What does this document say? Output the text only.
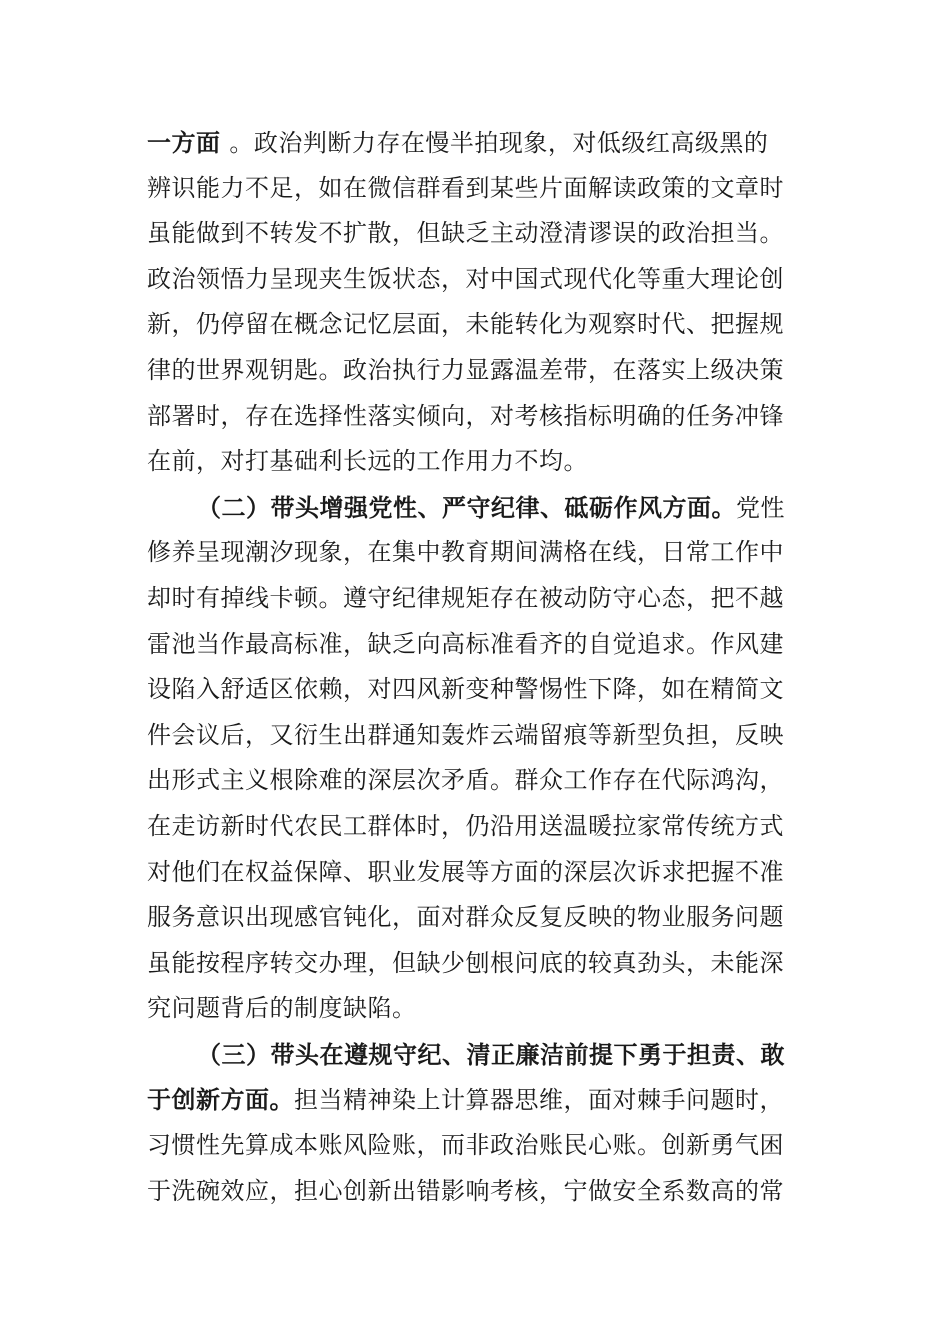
一方面 。政治判断力存在慢半拍现象，对低级红高级黑的
辨识能力不足，如在微信群看到某些片面解读政策的文章时
虽能做到不转发不扩散，但缺乏主动澄清谬误的政治担当。
政治领悟力呈现夹生饭状态，对中国式现代化等重大理论创
新，仍停留在概念记忆层面，未能转化为观察时代、把握规
律的世界观钥匙。政治执行力显露温差带，在落实上级决策
部署时，存在选择性落实倾向，对考核指标明确的任务冲锋
在前，对打基础利长远的工作用力不均。
（二）带头增强党性、严守纪律、砥砺作风方面。党性
修养呈现潮汐现象，在集中教育期间满格在线，日常工作中
却时有掉线卡顿。遵守纪律规矩存在被动防守心态，把不越
雷池当作最高标准，缺乏向高标准看齐的自觉追求。作风建
设陷入舒适区依赖，对四风新变种警惕性下降，如在精简文
件会议后，又衍生出群通知轰炸云端留痕等新型负担，反映
出形式主义根除难的深层次矛盾。群众工作存在代际鸿沟，
在走访新时代农民工群体时，仍沿用送温暖拉家常传统方式
对他们在权益保障、职业发展等方面的深层次诉求把握不准
服务意识出现感官钝化，面对群众反复反映的物业服务问题
虽能按程序转交办理，但缺少刨根问底的较真劲头，未能深
究问题背后的制度缺陷。
（三）带头在遵规守纪、清正廉洁前提下勇于担责、敢
于创新方面。担当精神染上计算器思维，面对棘手问题时，
习惯性先算成本账风险账，而非政治账民心账。创新勇气困
于洗碗效应，担心创新出错影响考核，宁做安全系数高的常
